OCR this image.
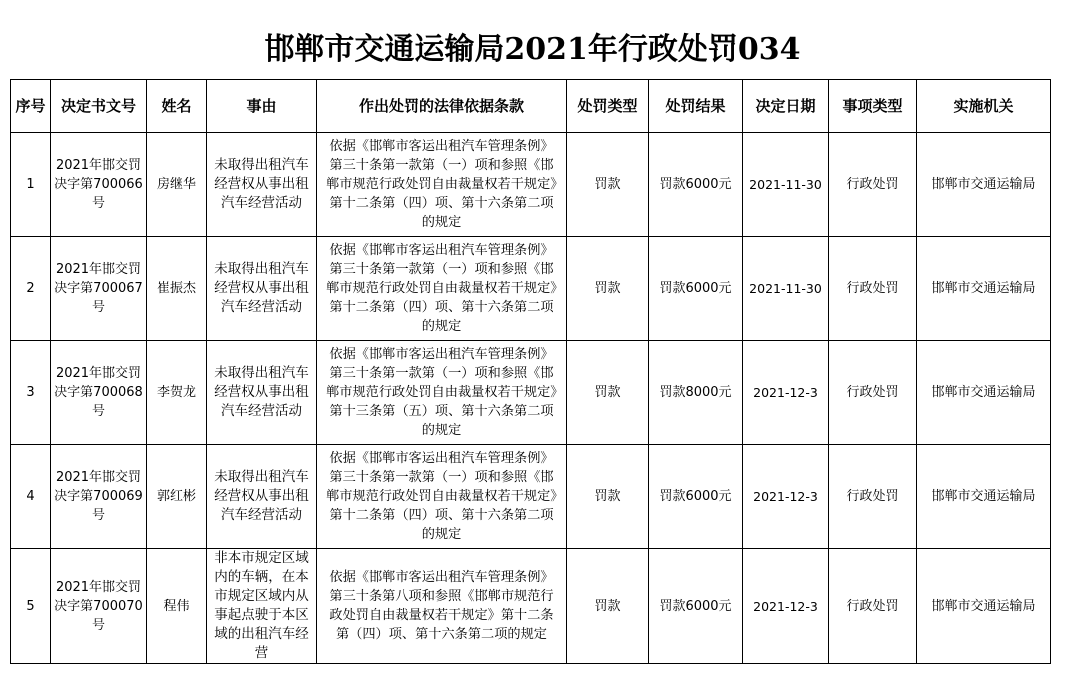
邯郸市交通运输局2021年行政处罚034
序号	决定书文号	姓名	事由	作出处罚的法律依据条款	处罚类型	处罚结果	决定日期	事项类型	实施机关
1	2021年邯交罚决字第700066号	房继华	未取得出租汽车经营权从事出租汽车经营活动	依据《邯郸市客运出租汽车管理条例》第三十条第一款第（一）项和参照《邯郸市规范行政处罚自由裁量权若干规定》第十二条第（四）项、第十六条第二项的规定	罚款	罚款6000元	2021-11-30	行政处罚	邯郸市交通运输局
2	2021年邯交罚决字第700067号	崔振杰	未取得出租汽车经营权从事出租汽车经营活动	依据《邯郸市客运出租汽车管理条例》第三十条第一款第（一）项和参照《邯郸市规范行政处罚自由裁量权若干规定》第十二条第（四）项、第十六条第二项的规定	罚款	罚款6000元	2021-11-30	行政处罚	邯郸市交通运输局
3	2021年邯交罚决字第700068号	李贺龙	未取得出租汽车经营权从事出租汽车经营活动	依据《邯郸市客运出租汽车管理条例》第三十条第一款第（一）项和参照《邯郸市规范行政处罚自由裁量权若干规定》第十三条第（五）项、第十六条第二项的规定	罚款	罚款8000元	2021-12-3	行政处罚	邯郸市交通运输局
4	2021年邯交罚决字第700069号	郭红彬	未取得出租汽车经营权从事出租汽车经营活动	依据《邯郸市客运出租汽车管理条例》第三十条第一款第（一）项和参照《邯郸市规范行政处罚自由裁量权若干规定》第十二条第（四）项、第十六条第二项的规定	罚款	罚款6000元	2021-12-3	行政处罚	邯郸市交通运输局
5	2021年邯交罚决字第700070号	程伟	非本市规定区域内的车辆，在本市规定区域内从事起点驶于本区域的出租汽车经营	依据《邯郸市客运出租汽车管理条例》第三十条第八项和参照《邯郸市规范行政处罚自由裁量权若干规定》第十二条第（四）项、第十六条第二项的规定	罚款	罚款6000元	2021-12-3	行政处罚	邯郸市交通运输局
